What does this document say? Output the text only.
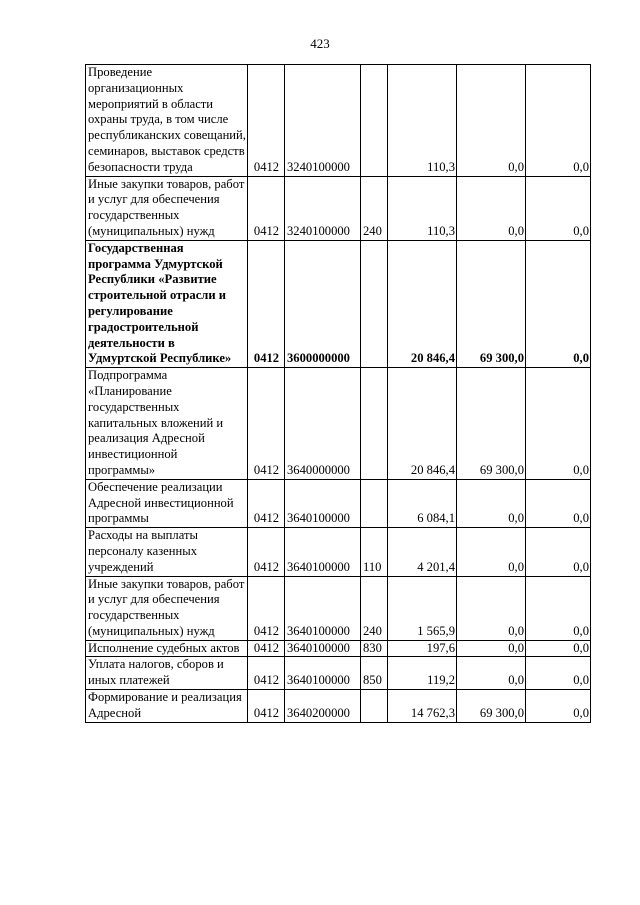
423
Проведение организационных мероприятий в области охраны труда, в том числе республиканских совещаний, семинаров, выставок средств безопасности труда	0412	3240100000		110,3	0,0	0,0
Иные закупки товаров, работ и услуг для обеспечения государственных (муниципальных) нужд	0412	3240100000	240	110,3	0,0	0,0
Государственная программа Удмуртской Республики «Развитие строительной отрасли и регулирование градостроительной деятельности в Удмуртской Республике»	0412	3600000000		20 846,4	69 300,0	0,0
Подпрограмма «Планирование государственных капитальных вложений и реализация Адресной инвестиционной программы»	0412	3640000000		20 846,4	69 300,0	0,0
Обеспечение реализации Адресной инвестиционной программы	0412	3640100000		6 084,1	0,0	0,0
Расходы на выплаты персоналу казенных учреждений	0412	3640100000	110	4 201,4	0,0	0,0
Иные закупки товаров, работ и услуг для обеспечения государственных (муниципальных) нужд	0412	3640100000	240	1 565,9	0,0	0,0
Исполнение судебных актов	0412	3640100000	830	197,6	0,0	0,0
Уплата налогов, сборов и иных платежей	0412	3640100000	850	119,2	0,0	0,0
Формирование и реализация Адресной	0412	3640200000		14 762,3	69 300,0	0,0
